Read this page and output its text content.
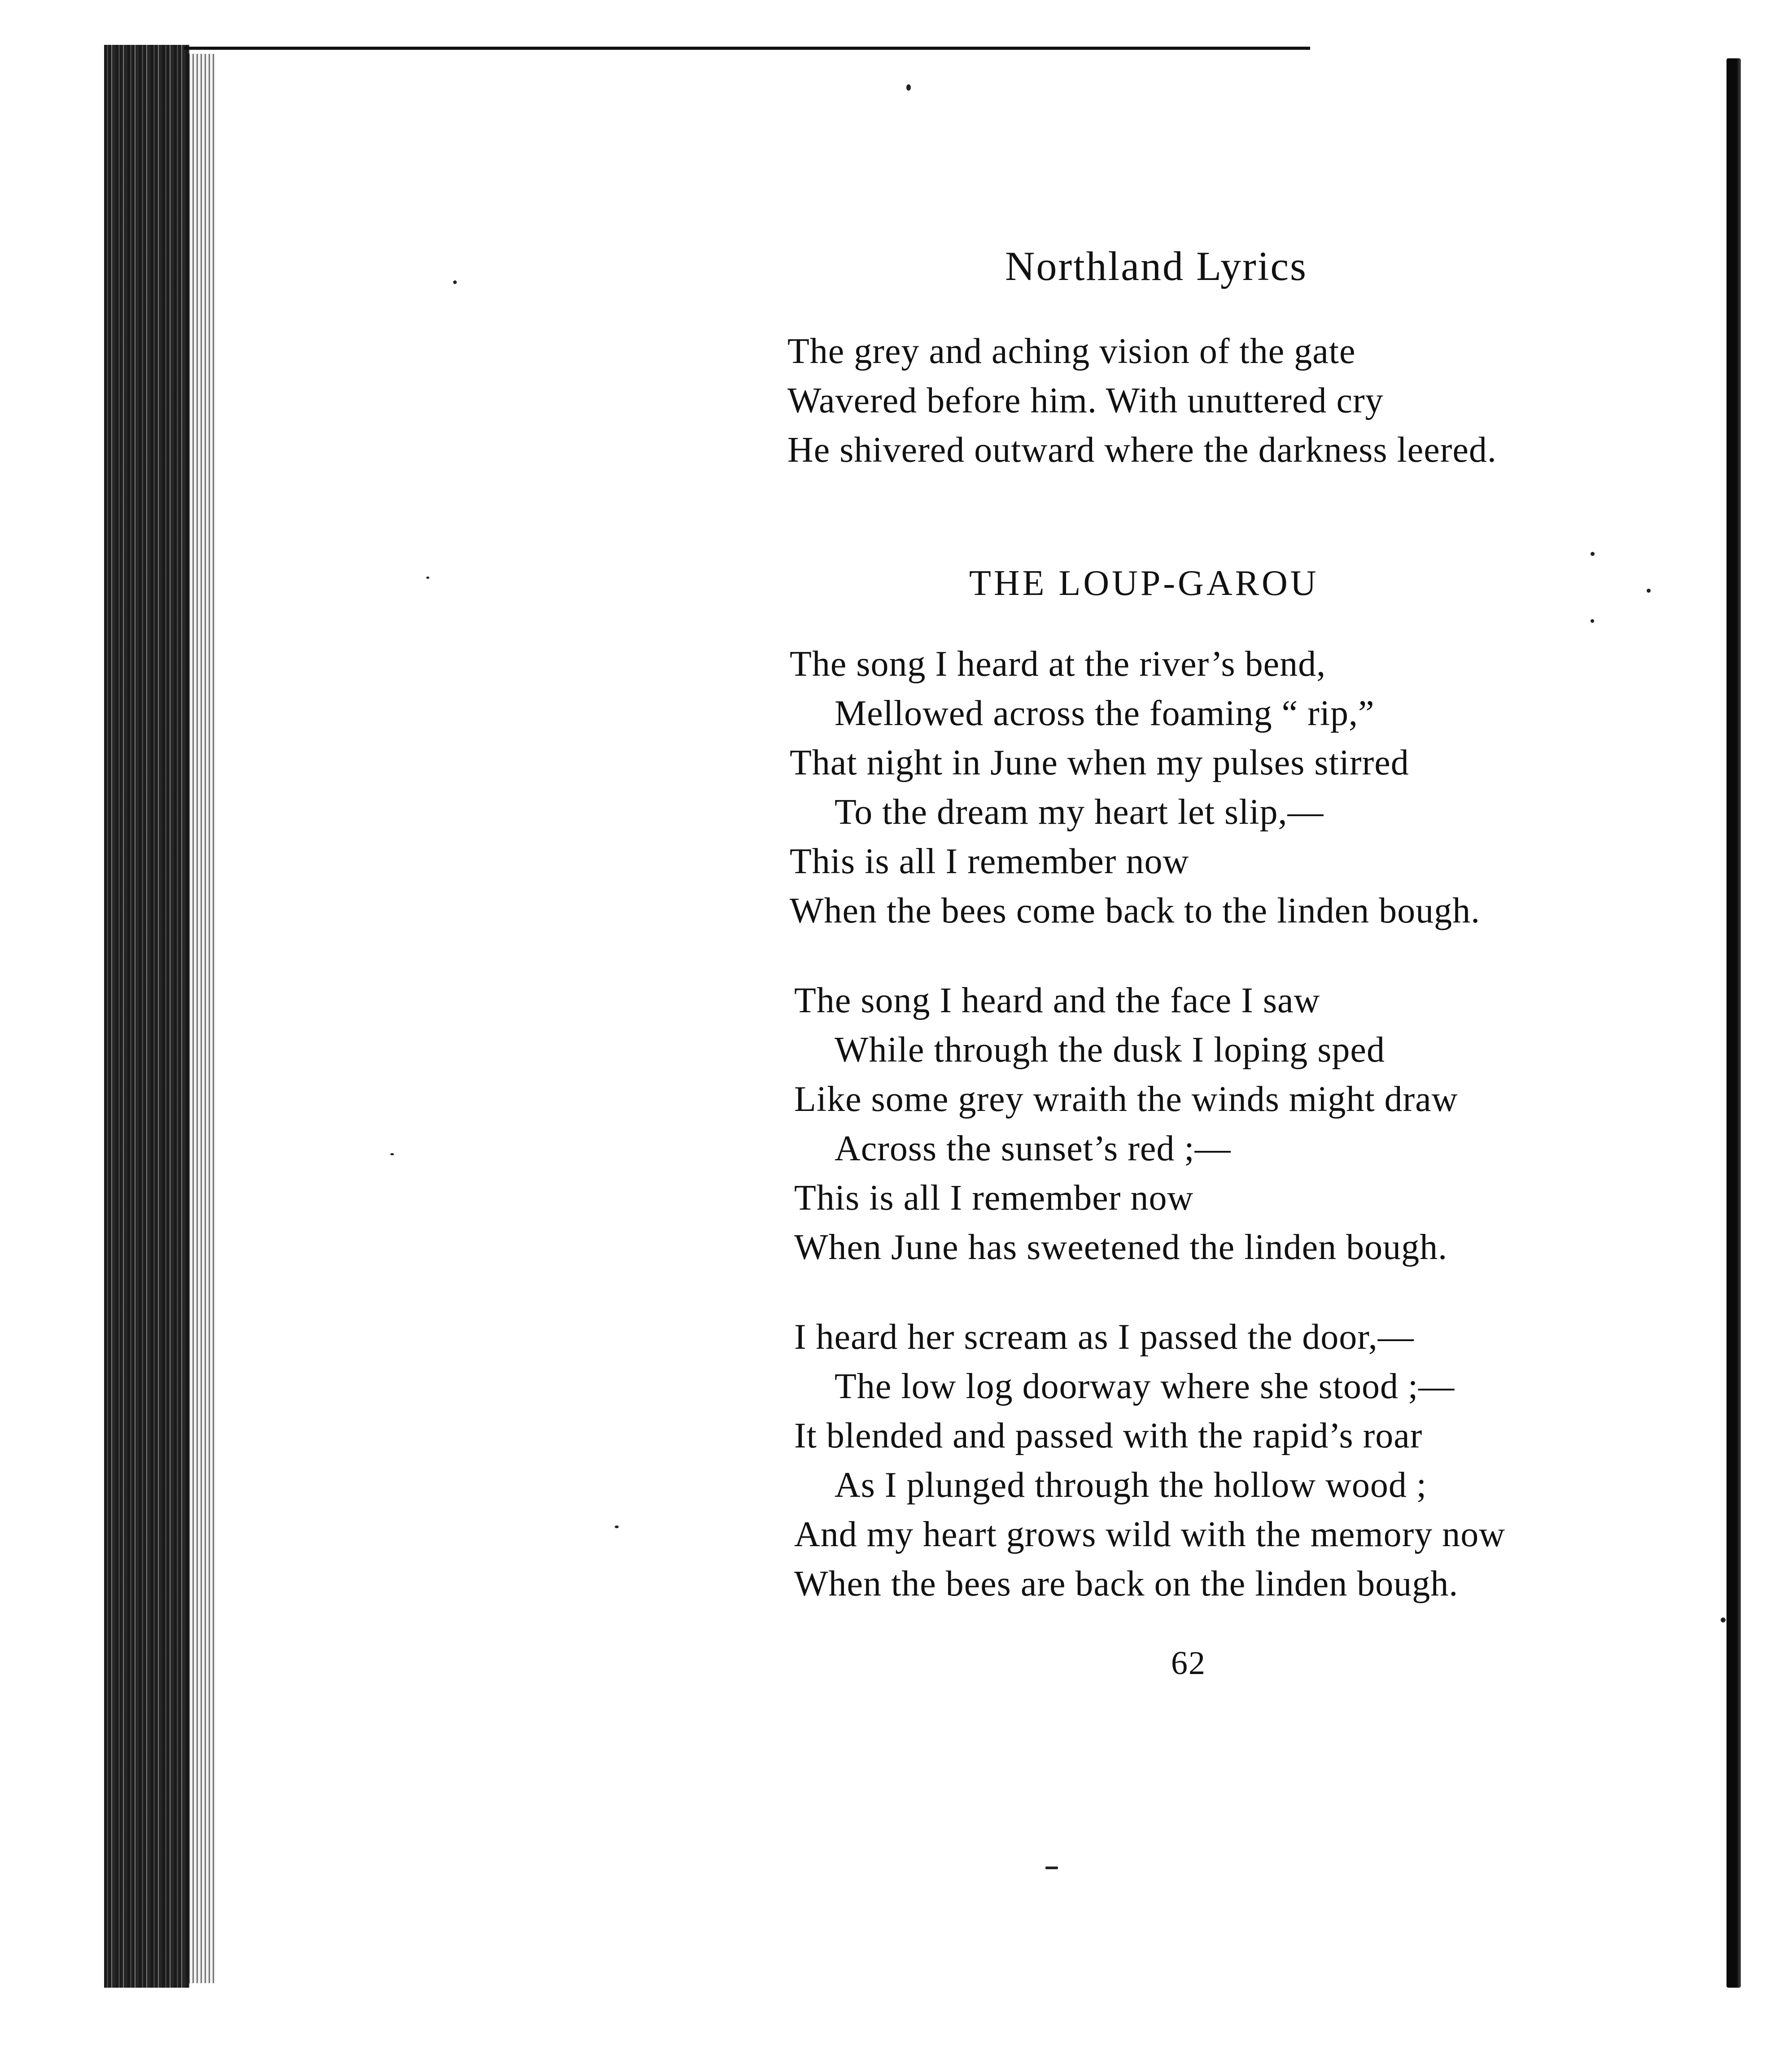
Northland Lyrics
The grey and aching vision of the gate
Wavered before him. With unuttered cry
He shivered outward where the darkness leered.
THE LOUP-GAROU
The song I heard at the river’s bend,
Mellowed across the foaming “ rip,”
That night in June when my pulses stirred
To the dream my heart let slip,—
This is all I remember now
When the bees come back to the linden bough.
The song I heard and the face I saw
While through the dusk I loping sped
Like some grey wraith the winds might draw
Across the sunset’s red ;—
This is all I remember now
When June has sweetened the linden bough.
I heard her scream as I passed the door,—
The low log doorway where she stood ;—
It blended and passed with the rapid’s roar
As I plunged through the hollow wood ;
And my heart grows wild with the memory now
When the bees are back on the linden bough.
62
